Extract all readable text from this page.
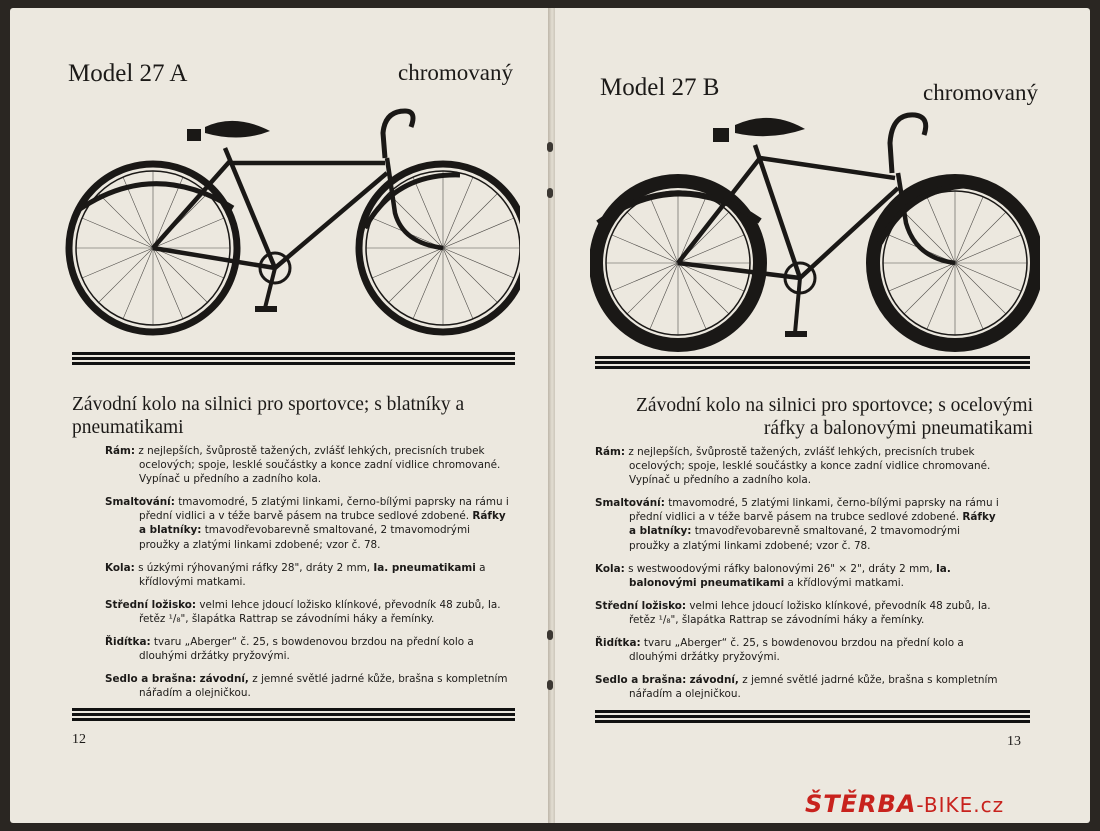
Model 27 A	chromovaný
Závodní kolo na silnici pro sportovce; s blatníky a pneumatikami

Rám: z nejlepších, švůprostě tažených, zvlášť lehkých, precisních trubek ocelových; spoje, lesklé součástky a konce zadní vidlice chromované. Vypínač u předního a zadního kola.

Smaltování: tmavomodré, 5 zlatými linkami, černo-bílými paprsky na rámu i přední vidlici a v téže barvě pásem na trubce sedlové zdobené. Ráfky a blatníky: tmavodřevobarevně smaltované, 2 tmavomodrými proužky a zlatými linkami zdobené; vzor č. 78.

Kola: s úzkými rýhovanými ráfky 28", dráty 2 mm, Ia. pneumatikami a křídlovými matkami.

Střední ložisko: velmi lehce jdoucí ložisko klínkové, převodník 48 zubů, Ia. řetěz ¹/₈", šlapátka Rattrap se závodními háky a řemínky.

Řidítka: tvaru „Aberger“ č. 25, s bowdenovou brzdou na přední kolo a dlouhými držátky pryžovými.

Sedlo a brašna: závodní, z jemné světlé jadrné kůže, brašna s kompletním nářadím a olejničkou.

12
Model 27 B	chromovaný
Závodní kolo na silnici pro sportovce; s ocelovými ráfky a balonovými pneumatikami

Rám: z nejlepších, švůprostě tažených, zvlášť lehkých, precisních trubek ocelových; spoje, lesklé součástky a konce zadní vidlice chromované. Vypínač u předního a zadního kola.

Smaltování: tmavomodré, 5 zlatými linkami, černo-bílými paprsky na rámu i přední vidlici a v téže barvě pásem na trubce sedlové zdobené. Ráfky a blatníky: tmavodřevobarevně smaltované, 2 tmavomodrými proužky a zlatými linkami zdobené; vzor č. 78.

Kola: s westwoodovými ráfky balonovými 26" × 2", dráty 2 mm, Ia. balonovými pneumatikami a křídlovými matkami.

Střední ložisko: velmi lehce jdoucí ložisko klínkové, převodník 48 zubů, Ia. řetěz ¹/₈", šlapátka Rattrap se závodními háky a řemínky.

Řidítka: tvaru „Aberger“ č. 25, s bowdenovou brzdou na přední kolo a dlouhými držátky pryžovými.

Sedlo a brašna: závodní, z jemné světlé jadrné kůže, brašna s kompletním nářadím a olejničkou.

13
ŠTĚRBA-BIKE.cz
